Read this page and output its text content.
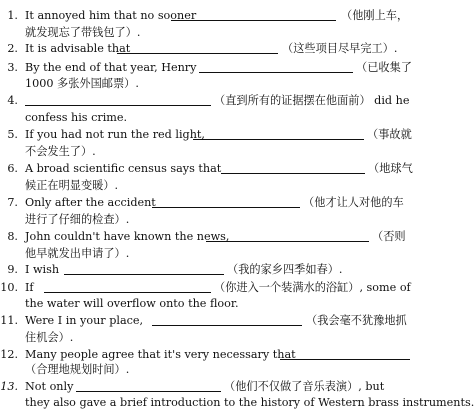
1. It annoyed him that no sooner	（他刚上车，
就发现忘了带钱包了）.
2. It is advisable that	（这些项目尽早完工）.
3. By the end of that year, Henry	（已收集了
1000 多张外国邮票）.
4.	（直到所有的证据摆在他面前） did he
confess his crime.
5. If you had not run the red light,	（事故就
不会发生了）.
6. A broad scientific census says that	（地球气
候正在明显变暖）.
7. Only after the accident	（他才让人对他的车
进行了仔细的检查）.
8. John couldn't have known the news,	（否则
他早就发出申请了）.
9. I wish	（我的家乡四季如春）.
10. If	（你进入一个装满水的浴缸）, some of
the water will overflow onto the floor.
11. Were I in your place,	（我会毫不犹豫地抓
住机会）.
12. Many people agree that it's very necessary that
（合理地规划时间）.
13. Not only	（他们不仅做了音乐表演）, but
they also gave a brief introduction to the history of Western brass instruments.
